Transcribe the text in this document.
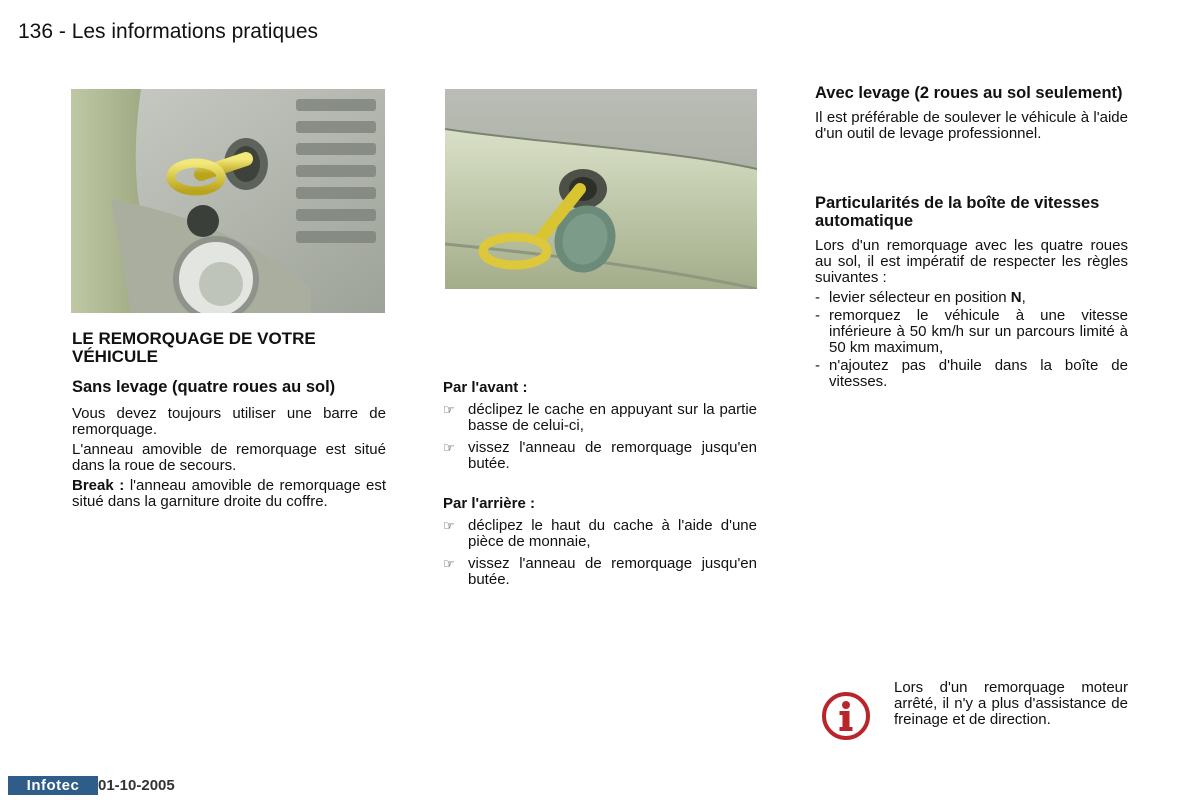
136 - Les informations pratiques
LE REMORQUAGE DE VOTRE VÉHICULE
Sans levage (quatre roues au sol)
Vous devez toujours utiliser une barre de remorquage.
L'anneau amovible de remorquage est situé dans la roue de secours.
Break : l'anneau amovible de remorquage est situé dans la garniture droite du coffre.
Par l'avant :
☞ déclipez le cache en appuyant sur la partie basse de celui-ci,
☞ vissez l'anneau de remorquage jusqu'en butée.
Par l'arrière :
☞ déclipez le haut du cache à l'aide d'une pièce de monnaie,
☞ vissez l'anneau de remorquage jusqu'en butée.
Avec levage (2 roues au sol seulement)
Il est préférable de soulever le véhicule à l'aide d'un outil de levage professionnel.
Particularités de la boîte de vitesses automatique
Lors d'un remorquage avec les quatre roues au sol, il est impératif de respecter les règles suivantes :
- levier sélecteur en position N,
- remorquez le véhicule à une vitesse inférieure à 50 km/h sur un parcours limité à 50 km maximum,
- n'ajoutez pas d'huile dans la boîte de vitesses.
Lors d'un remorquage moteur arrêté, il n'y a plus d'assistance de freinage et de direction.
Infotec	01-10-2005
